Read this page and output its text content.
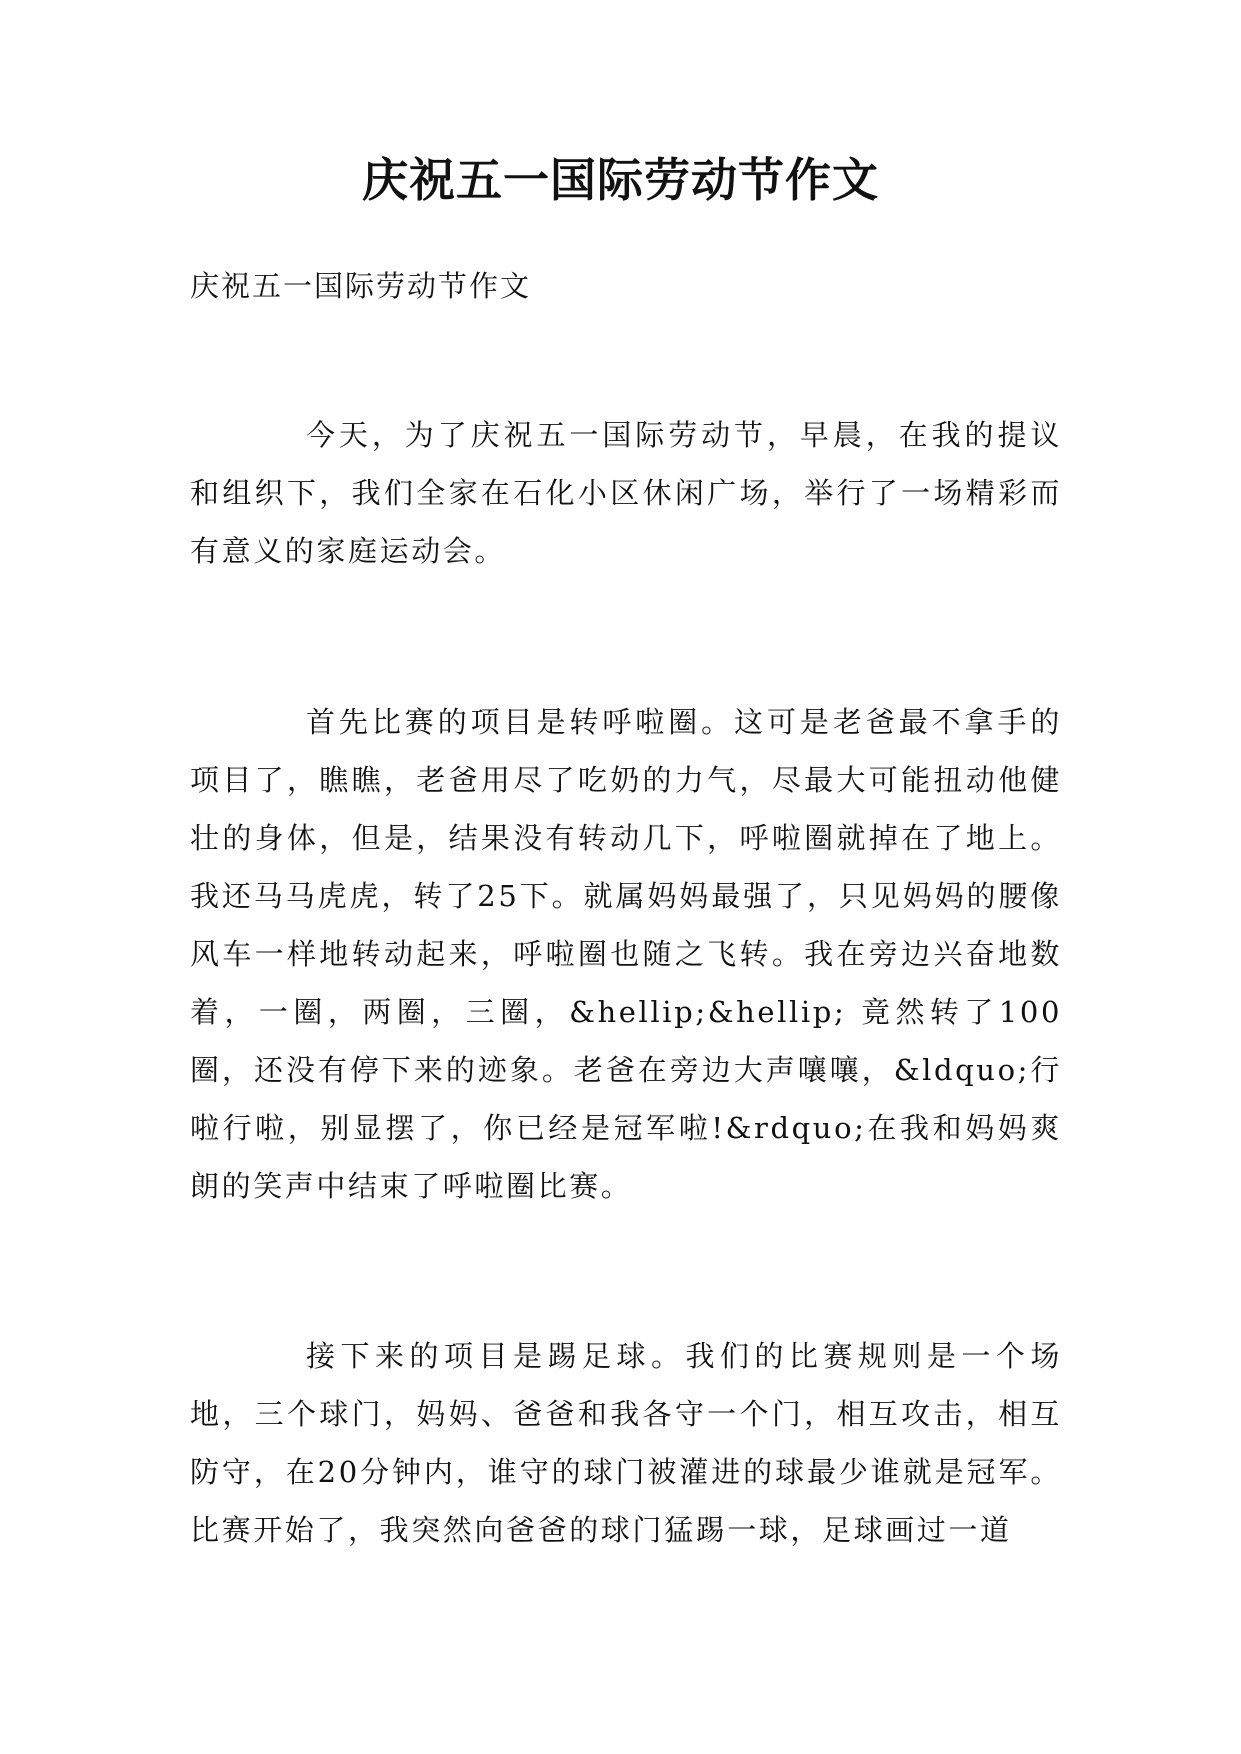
庆祝五一国际劳动节作文

庆祝五一国际劳动节作文

今天，为了庆祝五一国际劳动节，早晨，在我的提议和组织下，我们全家在石化小区休闲广场，举行了一场精彩而有意义的家庭运动会。

首先比赛的项目是转呼啦圈。这可是老爸最不拿手的项目了，瞧瞧，老爸用尽了吃奶的力气，尽最大可能扭动他健壮的身体，但是，结果没有转动几下，呼啦圈就掉在了地上。我还马马虎虎，转了25下。就属妈妈最强了，只见妈妈的腰像风车一样地转动起来，呼啦圈也随之飞转。我在旁边兴奋地数着，一圈，两圈，三圈，&hellip;&hellip; 竟然转了100圈，还没有停下来的迹象。老爸在旁边大声嚷嚷，&ldquo;行啦行啦，别显摆了，你已经是冠军啦!&rdquo;在我和妈妈爽朗的笑声中结束了呼啦圈比赛。

接下来的项目是踢足球。我们的比赛规则是一个场地，三个球门，妈妈、爸爸和我各守一个门，相互攻击，相互防守，在20分钟内，谁守的球门被灌进的球最少谁就是冠军。比赛开始了，我突然向爸爸的球门猛踢一球，足球画过一道
